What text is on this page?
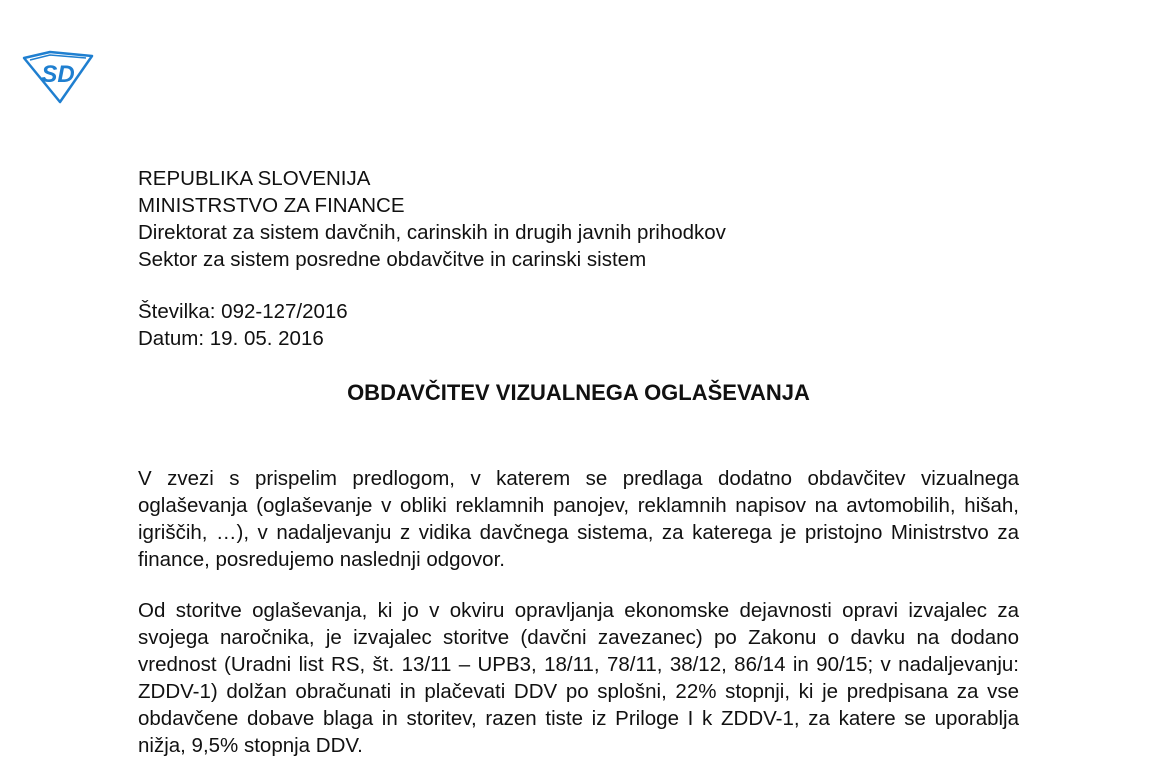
SD
REPUBLIKA SLOVENIJA
MINISTRSTVO ZA FINANCE
Direktorat za sistem davčnih, carinskih in drugih javnih prihodkov
Sektor za sistem posredne obdavčitve in carinski sistem
Številka: 092-127/2016
Datum: 19. 05. 2016
OBDAVČITEV VIZUALNEGA OGLAŠEVANJA

V zvezi s prispelim predlogom, v katerem se predlaga dodatno obdavčitev vizualnega oglaševanja (oglaševanje v obliki reklamnih panojev, reklamnih napisov na avtomobilih, hišah, igriščih, …), v nadaljevanju z vidika davčnega sistema, za katerega je pristojno Ministrstvo za finance, posredujemo naslednji odgovor.

Od storitve oglaševanja, ki jo v okviru opravljanja ekonomske dejavnosti opravi izvajalec za svojega naročnika, je izvajalec storitve (davčni zavezanec) po Zakonu o davku na dodano vrednost (Uradni list RS, št. 13/11 – UPB3, 18/11, 78/11, 38/12, 86/14 in 90/15; v nadaljevanju: ZDDV-1) dolžan obračunati in plačevati DDV po splošni, 22% stopnji, ki je predpisana za vse obdavčene dobave blaga in storitev, razen tiste iz Priloge I k ZDDV-1, za katere se uporablja nižja, 9,5% stopnja DDV.
